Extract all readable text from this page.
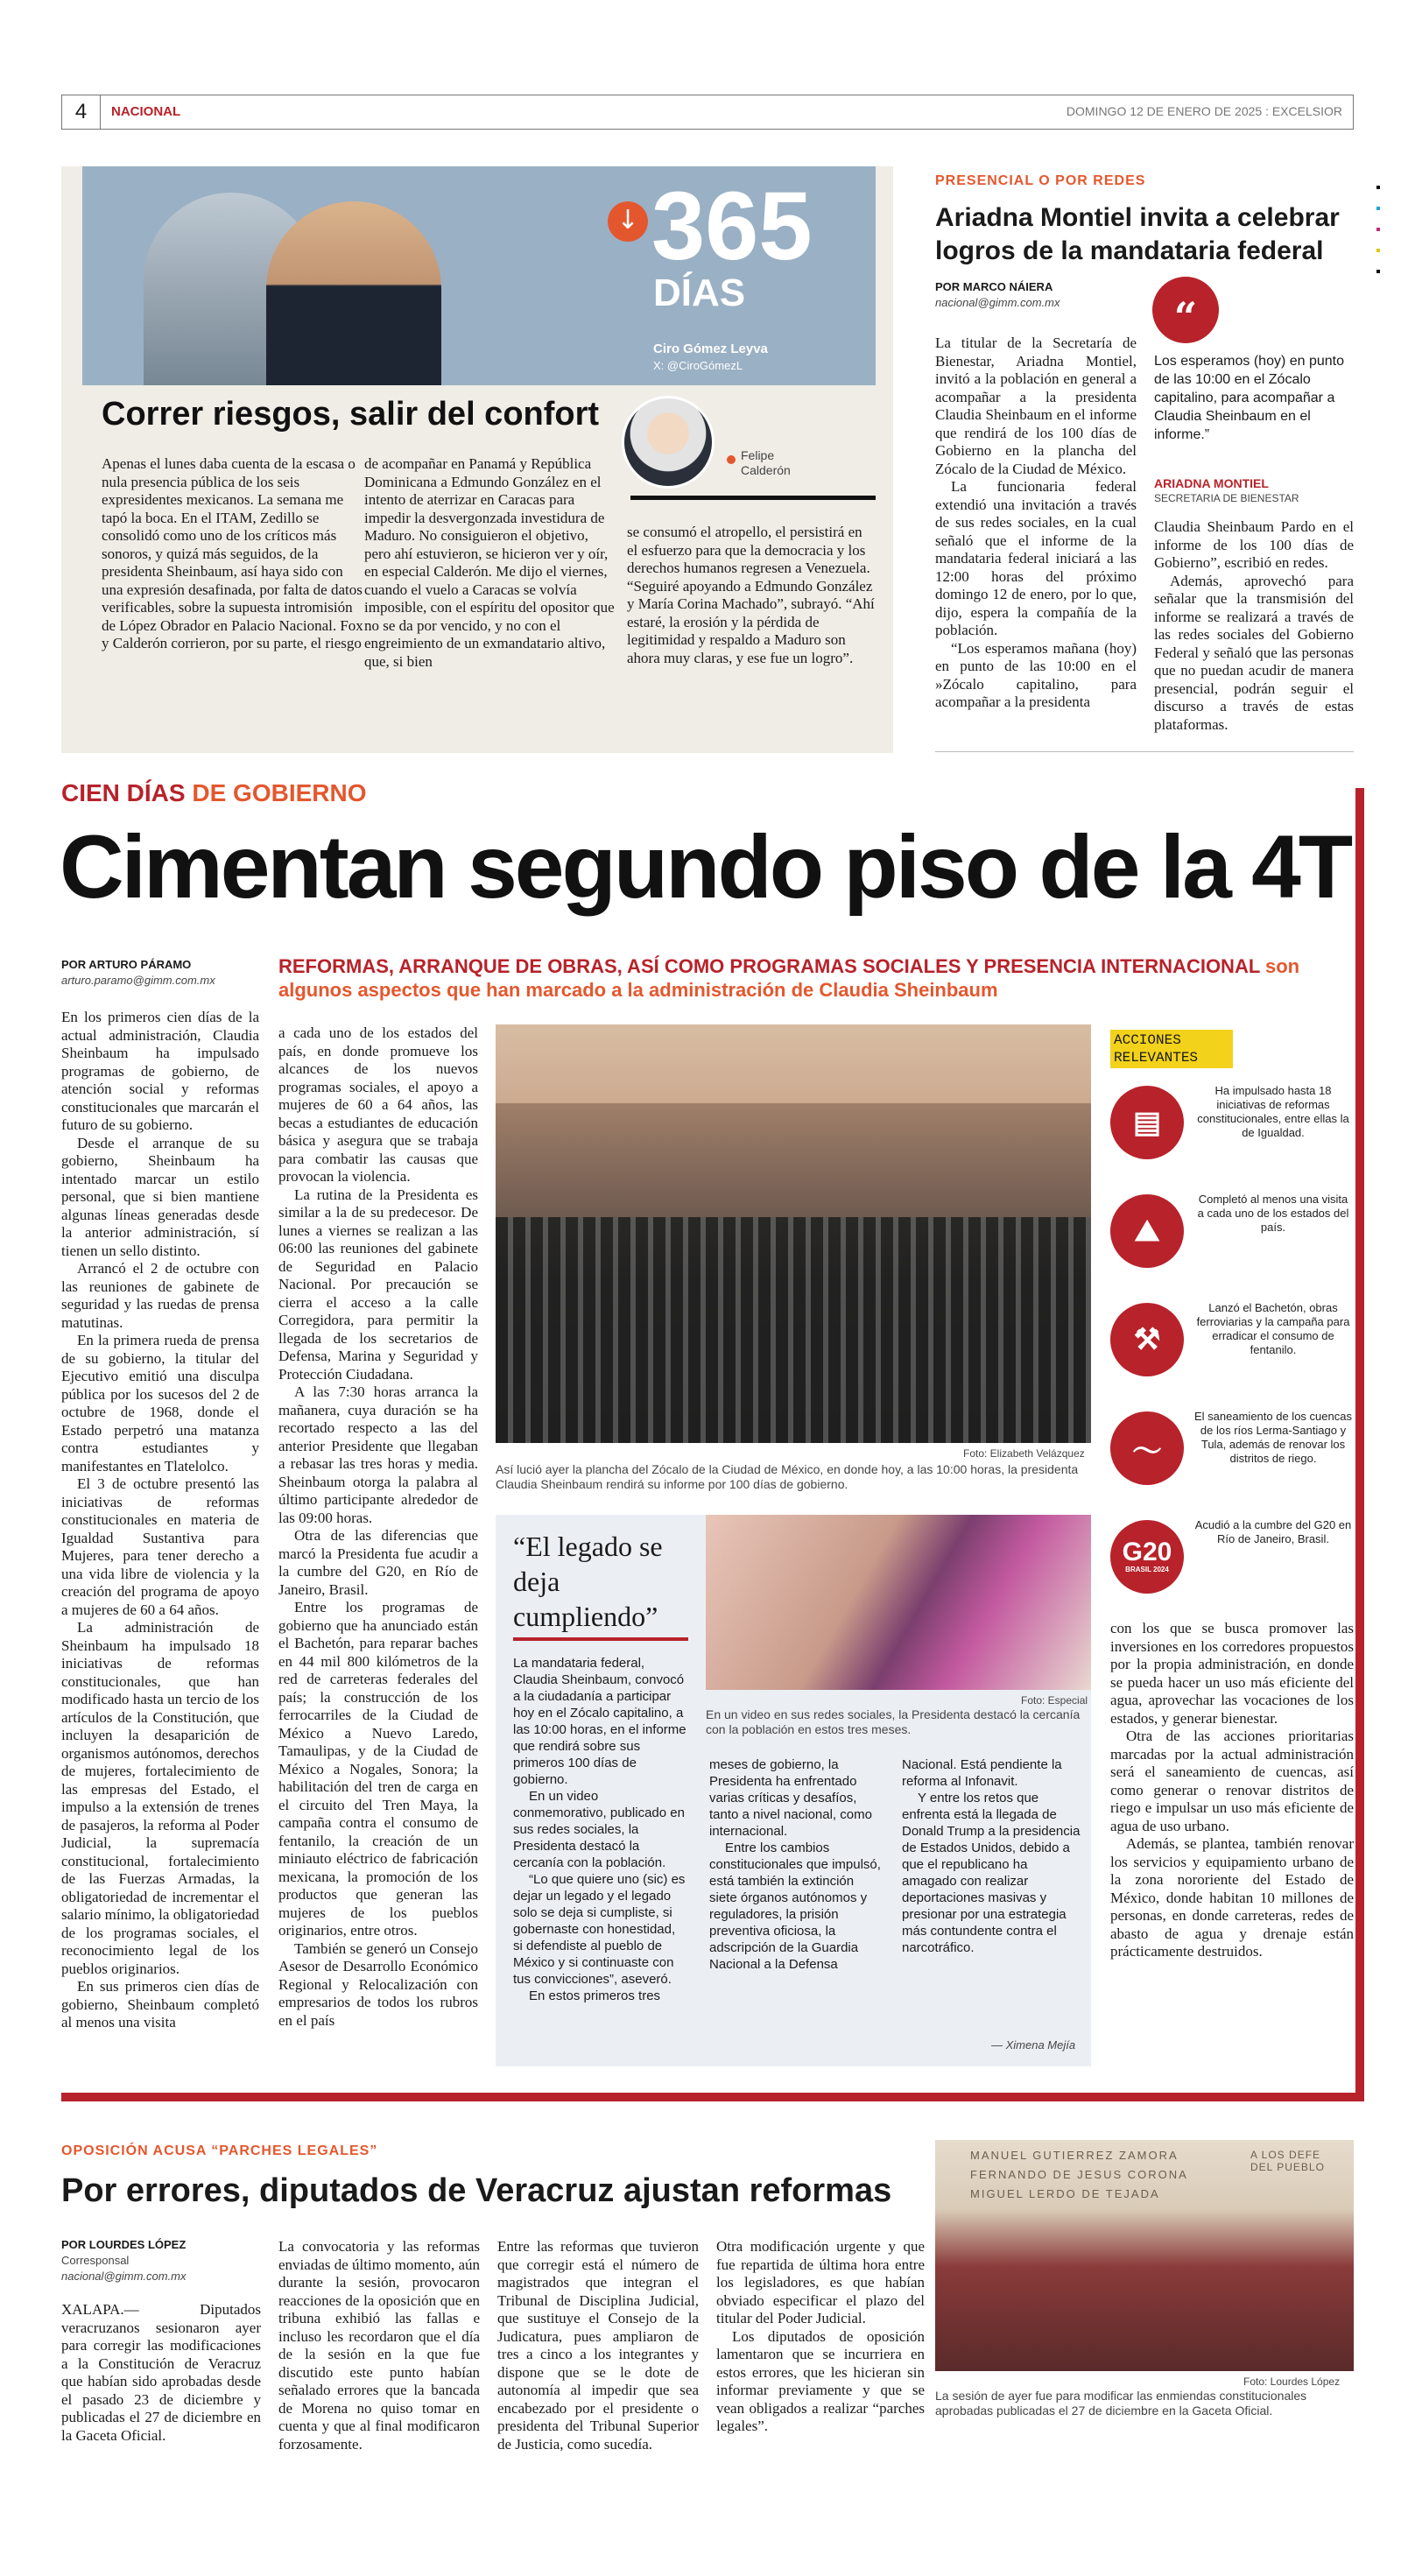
4	NACIONAL	DOMINGO 12 DE ENERO DE 2025 : EXCELSIOR
↓ 365
DÍAS
Ciro Gómez Leyva
X: @CiroGómezL
Correr riesgos, salir del confort
Felipe Calderón
Apenas el lunes daba cuenta de la escasa o nula presencia pública de los seis expresidentes mexicanos. La semana me tapó la boca. En el ITAM, Zedillo se consolidó como uno de los críticos más sonoros, y quizá más seguidos, de la presidenta Sheinbaum, así haya sido con una expresión desafinada, por falta de datos verificables, sobre la supuesta intromisión de López Obrador en Palacio Nacional. Fox y Calderón corrieron, por su parte, el riesgo
de acompañar en Panamá y República Dominicana a Edmundo González en el intento de aterrizar en Caracas para impedir la desvergonzada investidura de Maduro. No consiguieron el objetivo, pero ahí estuvieron, se hicieron ver y oír, en especial Calderón. Me dijo el viernes, cuando el vuelo a Caracas se volvía imposible, con el espíritu del opositor que no se da por vencido, y no con el engreimiento de un exmandatario altivo, que, si bien
se consumó el atropello, el persistirá en el esfuerzo para que la democracia y los derechos humanos regresen a Venezuela. “Seguiré apoyando a Edmundo González y María Corina Machado”, subrayó. “Ahí estaré, la erosión y la pérdida de legitimidad y respaldo a Maduro son ahora muy claras, y ese fue un logro”.
PRESENCIAL O POR REDES
Ariadna Montiel invita a celebrar logros de la mandataria federal
POR MARCO NÁIERA
nacional@gimm.com.mx

La titular de la Secretaría de Bienestar, Ariadna Montiel, invitó a la población en general a acompañar a la presidenta Claudia Sheinbaum en el informe que rendirá de los 100 días de Gobierno en la plancha del Zócalo de la Ciudad de México.

La funcionaria federal extendió una invitación a través de sus redes sociales, en la cual señaló que el informe de la mandataria federal iniciará a las 12:00 horas del próximo domingo 12 de enero, por lo que, dijo, espera la compañía de la población.

“Los esperamos mañana (hoy) en punto de las 10:00 en el »Zócalo capitalino, para acompañar a la presidenta

“
Los esperamos (hoy) en punto de las 10:00 en el Zócalo capitalino, para acompañar a Claudia Sheinbaum en el informe.”
ARIADNA MONTIEL
SECRETARIA DE BIENESTAR

Claudia Sheinbaum Pardo en el informe de los 100 días de Gobierno”, escribió en redes.

Además, aprovechó para señalar que la transmisión del informe se realizará a través de las redes sociales del Gobierno Federal y señaló que las personas que no puedan acudir de manera presencial, podrán seguir el discurso a través de estas plataformas.

CIEN DÍAS DE GOBIERNO
Cimentan segundo piso de la 4T
POR ARTURO PÁRAMO
arturo.paramo@gimm.com.mx
REFORMAS, ARRANQUE DE OBRAS, ASÍ COMO PROGRAMAS SOCIALES Y PRESENCIA INTERNACIONAL son algunos aspectos que han marcado a la administración de Claudia Sheinbaum

En los primeros cien días de la actual administración, Claudia Sheinbaum ha impulsado programas de gobierno, de atención social y reformas constitucionales que marcarán el futuro de su gobierno.

Desde el arranque de su gobierno, Sheinbaum ha intentado marcar un estilo personal, que si bien mantiene algunas líneas generadas desde la anterior administración, sí tienen un sello distinto.

Arrancó el 2 de octubre con las reuniones de gabinete de seguridad y las ruedas de prensa matutinas.

En la primera rueda de prensa de su gobierno, la titular del Ejecutivo emitió una disculpa pública por los sucesos del 2 de octubre de 1968, donde el Estado perpetró una matanza contra estudiantes y manifestantes en Tlatelolco.

El 3 de octubre presentó las iniciativas de reformas constitucionales en materia de Igualdad Sustantiva para Mujeres, para tener derecho a una vida libre de violencia y la creación del programa de apoyo a mujeres de 60 a 64 años.

La administración de Sheinbaum ha impulsado 18 iniciativas de reformas constitucionales, que han modificado hasta un tercio de los artículos de la Constitución, que incluyen la desaparición de organismos autónomos, derechos de mujeres, fortalecimiento de las empresas del Estado, el impulso a la extensión de trenes de pasajeros, la reforma al Poder Judicial, la supremacía constitucional, fortalecimiento de las Fuerzas Armadas, la obligatoriedad de incrementar el salario mínimo, la obligatoriedad de los programas sociales, el reconocimiento legal de los pueblos originarios.

En sus primeros cien días de gobierno, Sheinbaum completó al menos una visita

a cada uno de los estados del país, en donde promueve los alcances de los nuevos programas sociales, el apoyo a mujeres de 60 a 64 años, las becas a estudiantes de educación básica y asegura que se trabaja para combatir las causas que provocan la violencia.

La rutina de la Presidenta es similar a la de su predecesor. De lunes a viernes se realizan a las 06:00 las reuniones del gabinete de Seguridad en Palacio Nacional. Por precaución se cierra el acceso a la calle Corregidora, para permitir la llegada de los secretarios de Defensa, Marina y Seguridad y Protección Ciudadana.

A las 7:30 horas arranca la mañanera, cuya duración se ha recortado respecto a las del anterior Presidente que llegaban a rebasar las tres horas y media. Sheinbaum otorga la palabra al último participante alrededor de las 09:00 horas.

Otra de las diferencias que marcó la Presidenta fue acudir a la cumbre del G20, en Río de Janeiro, Brasil.

Entre los programas de gobierno que ha anunciado están el Bachetón, para reparar baches en 44 mil 800 kilómetros de la red de carreteras federales del país; la construcción de los ferrocarriles de la Ciudad de México a Nuevo Laredo, Tamaulipas, y de la Ciudad de México a Nogales, Sonora; la habilitación del tren de carga en el circuito del Tren Maya, la campaña contra el consumo de fentanilo, la creación de un miniauto eléctrico de fabricación mexicana, la promoción de los productos que generan las mujeres de los pueblos originarios, entre otros.

También se generó un Consejo Asesor de Desarrollo Económico Regional y Relocalización con empresarios de todos los rubros en el país

Foto: Elizabeth Velázquez
Así lució ayer la plancha del Zócalo de la Ciudad de México, en donde hoy, a las 10:00 horas, la presidenta Claudia Sheinbaum rendirá su informe por 100 días de gobierno.
“El legado se deja cumpliendo”
Foto: Especial
En un video en sus redes sociales, la Presidenta destacó la cercanía con la población en estos tres meses.

La mandataria federal, Claudia Sheinbaum, convocó a la ciudadanía a participar hoy en el Zócalo capitalino, a las 10:00 horas, en el informe que rendirá sobre sus primeros 100 días de gobierno.

En un video conmemorativo, publicado en sus redes sociales, la Presidenta destacó la cercanía con la población.

“Lo que quiere uno (sic) es dejar un legado y el legado solo se deja si cumpliste, si gobernaste con honestidad, si defendiste al pueblo de México y si continuaste con tus convicciones”, aseveró.

En estos primeros tres

meses de gobierno, la Presidenta ha enfrentado varias críticas y desafíos, tanto a nivel nacional, como internacional.

Entre los cambios constitucionales que impulsó, está también la extinción siete órganos autónomos y reguladores, la prisión preventiva oficiosa, la adscripción de la Guardia Nacional a la Defensa

Nacional. Está pendiente la reforma al Infonavit.

Y entre los retos que enfrenta está la llegada de Donald Trump a la presidencia de Estados Unidos, debido a que el republicano ha amagado con realizar deportaciones masivas y presionar por una estrategia más contundente contra el narcotráfico.

— Ximena Mejía
ACCIONES RELEVANTES
▤
Ha impulsado hasta 18 iniciativas de reformas constitucionales, entre ellas la de Igualdad.
⛰
Completó al menos una visita a cada uno de los estados del país.
⚒
Lanzó el Bachetón, obras ferroviarias y la campaña para erradicar el consumo de fentanilo.
〜
El saneamiento de los cuencas de los ríos Lerma-Santiago y Tula, además de renovar los distritos de riego.
G20
BRASIL 2024
Acudió a la cumbre del G20 en Río de Janeiro, Brasil.

con los que se busca promover las inversiones en los corredores propuestos por la propia administración, en donde se pueda hacer un uso más eficiente del agua, aprovechar las vocaciones de los estados, y generar bienestar.

Otra de las acciones prioritarias marcadas por la actual administración será el saneamiento de cuencas, así como generar o renovar distritos de riego e impulsar un uso más eficiente de agua de uso urbano.

Además, se plantea, también renovar los servicios y equipamiento urbano de la zona nororiente del Estado de México, donde habitan 10 millones de personas, en donde carreteras, redes de abasto de agua y drenaje están prácticamente destruidos.

OPOSICIÓN ACUSA “PARCHES LEGALES”
Por errores, diputados de Veracruz ajustan reformas
POR LOURDES LÓPEZ
Corresponsal
nacional@gimm.com.mx
XALAPA.— Diputados veracruzanos sesionaron ayer para corregir las modificaciones a la Constitución de Veracruz que habían sido aprobadas desde el pasado 23 de diciembre y publicadas el 27 de diciembre en la Gaceta Oficial.
La convocatoria y las reformas enviadas de último momento, aún durante la sesión, provocaron reacciones de la oposición que en tribuna exhibió las fallas e incluso les recordaron que el día de la sesión en la que fue discutido este punto habían señalado errores que la bancada de Morena no quiso tomar en cuenta y que al final modificaron forzosamente.
Entre las reformas que tuvieron que corregir está el número de magistrados que integran el Tribunal de Disciplina Judicial, que sustituye el Consejo de la Judicatura, pues ampliaron de tres a cinco a los integrantes y dispone que se le dote de autonomía al impedir que sea encabezado por el presidente o presidenta del Tribunal Superior de Justicia, como sucedía.

Otra modificación urgente y que fue repartida de última hora entre los legisladores, es que habían obviado especificar el plazo del titular del Poder Judicial.

Los diputados de oposición lamentaron que se incurriera en estos errores, que les hicieran sin informar previamente y que se vean obligados a realizar “parches legales”.

MANUEL GUTIERREZ ZAMORA
FERNANDO DE JESUS CORONA
MIGUEL LERDO DE TEJADA
A LOS DEFE DEL PUEBLO
Foto: Lourdes López
La sesión de ayer fue para modificar las enmiendas constitucionales aprobadas publicadas el 27 de diciembre en la Gaceta Oficial.
